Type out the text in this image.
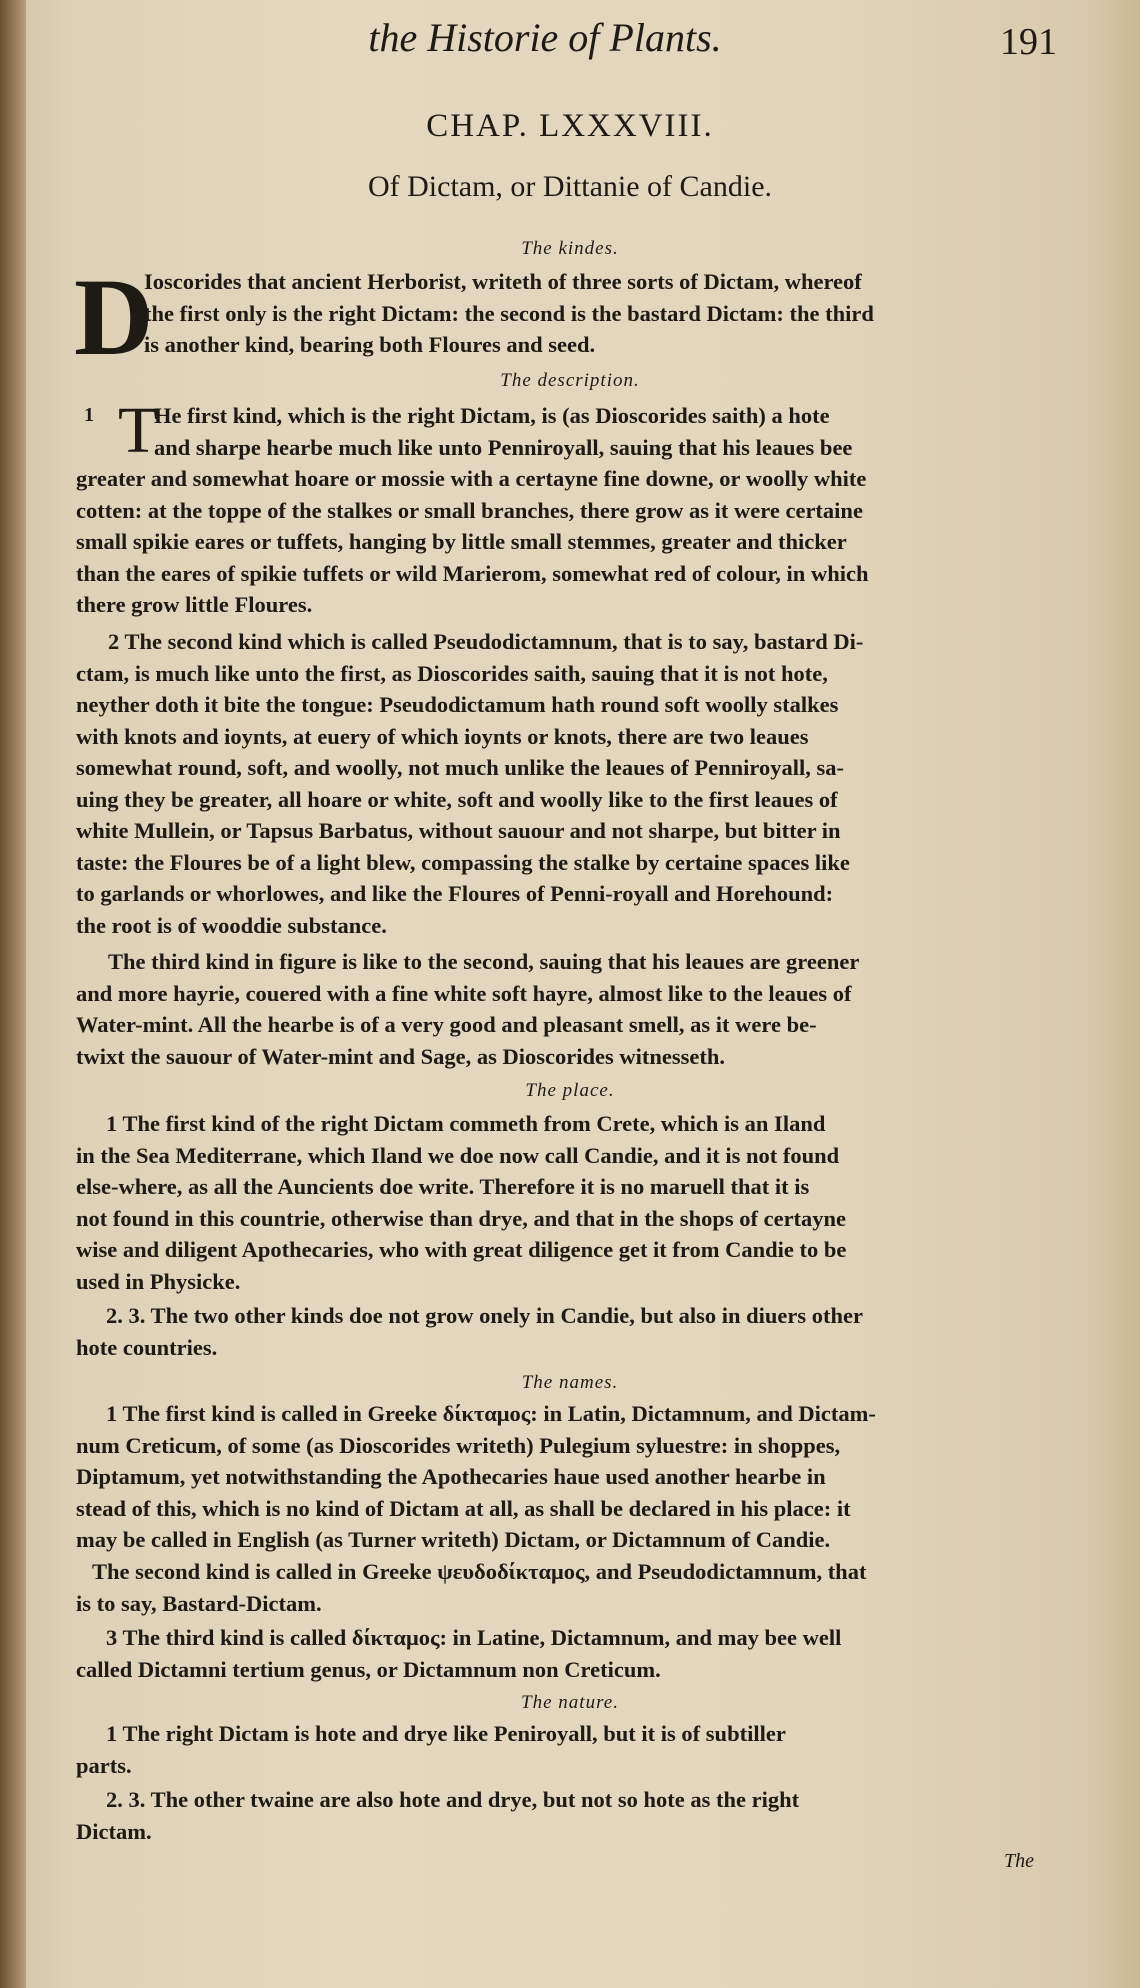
the Historie of Plants.	191
CHAP. LXXXVIII.
Of Dictam, or Dittanie of Candie.
The kindes.
D
Ioscorides that ancient Herborist, writeth of three sorts of Dictam, whereof
the first only is the right Dictam: the second is the bastard Dictam: the third
is another kind, bearing both Floures and seed.
The description.
1 T
He first kind, which is the right Dictam, is (as Dioscorides saith) a hote
and sharpe hearbe much like unto Penniroyall, sauing that his leaues bee
greater and somewhat hoare or mossie with a certayne fine downe, or woolly white
cotten: at the toppe of the stalkes or small branches, there grow as it were certaine
small spikie eares or tuffets, hanging by little small stemmes, greater and thicker
than the eares of spikie tuffets or wild Marierom, somewhat red of colour, in which
there grow little Floures.
2 The second kind which is called Pseudodictamnum, that is to say, bastard Di-
ctam, is much like unto the first, as Dioscorides saith, sauing that it is not hote,
neyther doth it bite the tongue: Pseudodictamum hath round soft woolly stalkes
with knots and ioynts, at euery of which ioynts or knots, there are two leaues
somewhat round, soft, and woolly, not much unlike the leaues of Penniroyall, sa-
uing they be greater, all hoare or white, soft and woolly like to the first leaues of
white Mullein, or Tapsus Barbatus, without sauour and not sharpe, but bitter in
taste: the Floures be of a light blew, compassing the stalke by certaine spaces like
to garlands or whorlowes, and like the Floures of Penni-royall and Horehound:
the root is of wooddie substance.
The third kind in figure is like to the second, sauing that his leaues are greener
and more hayrie, couered with a fine white soft hayre, almost like to the leaues of
Water-mint. All the hearbe is of a very good and pleasant smell, as it were be-
twixt the sauour of Water-mint and Sage, as Dioscorides witnesseth.
The place.
1 The first kind of the right Dictam commeth from Crete, which is an Iland
in the Sea Mediterrane, which Iland we doe now call Candie, and it is not found
else-where, as all the Auncients doe write. Therefore it is no maruell that it is
not found in this countrie, otherwise than drye, and that in the shops of certayne
wise and diligent Apothecaries, who with great diligence get it from Candie to be
used in Physicke.
2. 3. The two other kinds doe not grow onely in Candie, but also in diuers other
hote countries.
The names.
1 The first kind is called in Greeke δίκταμος: in Latin, Dictamnum, and Dictam-
num Creticum, of some (as Dioscorides writeth) Pulegium syluestre: in shoppes,
Diptamum, yet notwithstanding the Apothecaries haue used another hearbe in
stead of this, which is no kind of Dictam at all, as shall be declared in his place: it
may be called in English (as Turner writeth) Dictam, or Dictamnum of Candie.
The second kind is called in Greeke ψευδοδίκταμος, and Pseudodictamnum, that
is to say, Bastard-Dictam.
3 The third kind is called δίκταμος: in Latine, Dictamnum, and may bee well
called Dictamni tertium genus, or Dictamnum non Creticum.
The nature.
1 The right Dictam is hote and drye like Peniroyall, but it is of subtiller
parts.
2. 3. The other twaine are also hote and drye, but not so hote as the right
Dictam.
The
